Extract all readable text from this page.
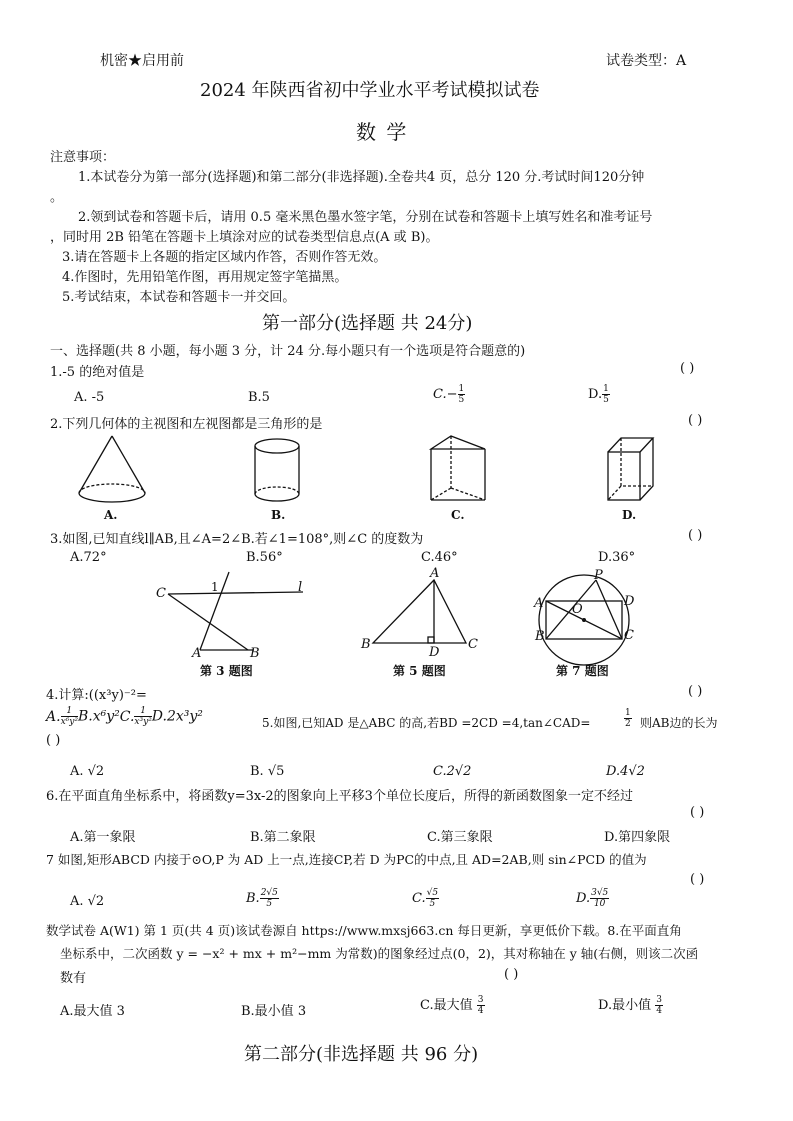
机密★启用前	试卷类型：A
2024 年陕西省初中学业水平考试模拟试卷
数 学
注意事项：
1.本试卷分为第一部分(选择题)和第二部分(非选择题).全卷共4 页，总分 120 分.考试时间120分钟
。
2.领到试卷和答题卡后，请用 0.5 毫米黑色墨水签字笔，分别在试卷和答题卡上填写姓名和准考证号
，同时用 2B 铅笔在答题卡上填涂对应的试卷类型信息点(A 或 B)。
3.请在答题卡上各题的指定区域内作答，否则作答无效。
4.作图时，先用铅笔作图，再用规定签字笔描黑。
5.考试结束，本试卷和答题卡一并交回。
第一部分(选择题 共 24分)
一、选择题(共 8 小题，每小题 3 分，计 24 分.每小题只有一个选项是符合题意的)
1.-5 的绝对值是	( )
A. -5	B.5	$C.- \frac{1}{5}$	D. $\frac{1}{5}$
2.下列几何体的主视图和左视图都是三角形的是	( )
A.	B.	C.	D.
3.如图,已知直线l∥AB,且∠A=2∠B.若∠1=108°,则∠C 的度数为	( )
A.72°	B.56°	C.46°	D.36°
C	l
1
A	B
第 3 题图
A
B	C
D
第 5 题图
P
A	D
O
B	C
第 7 题图
4.计算:((x³y)⁻²=	( )
A. $\frac{1}{\text{x⁶y²}} B.x^6y^2C$. $\frac{1}{\text{x³y²}} D.2x^3y^2$	5.如图,已知AD 是△ABC 的高,若BD =2CD =4,tan∠CAD=	$\frac{1}{2}$ 则AB边的长为
( )
A. √2	B. √5	C.2√2	D.4√2
6.在平面直角坐标系中，将函数y=3x-2的图象向上平移3个单位长度后，所得的新函数图象一定不经过
( )
A.第一象限	B.第二象限	C.第三象限	D.第四象限
7 如图,矩形ABCD 内接于⊙O,P 为 AD 上一点,连接CP,若 D 为PC的中点,且 AD=2AB,则 sin∠PCD 的值为
( )
A. √2	B. $\frac{2√5}{5}$	C. $\frac{√5}{5}$	D. $\frac{3√5}{10}$
数学试卷 A(W1) 第 1 页(共 4 页)该试卷源自 https://www.mxsj663.cn 每日更新，享更低价下载。8.在平面直角
坐标系中，二次函数 y = −x² + mx + m²−mm 为常数)的图象经过点(0，2)，其对称轴在 y 轴(右侧，则该二次函
数有	( )
A.最大值 3	B.最小值 3	C.最大值 $\frac{3}{4}$	D.最小值 $\frac{3}{4}$
第二部分(非选择题 共 96 分)
